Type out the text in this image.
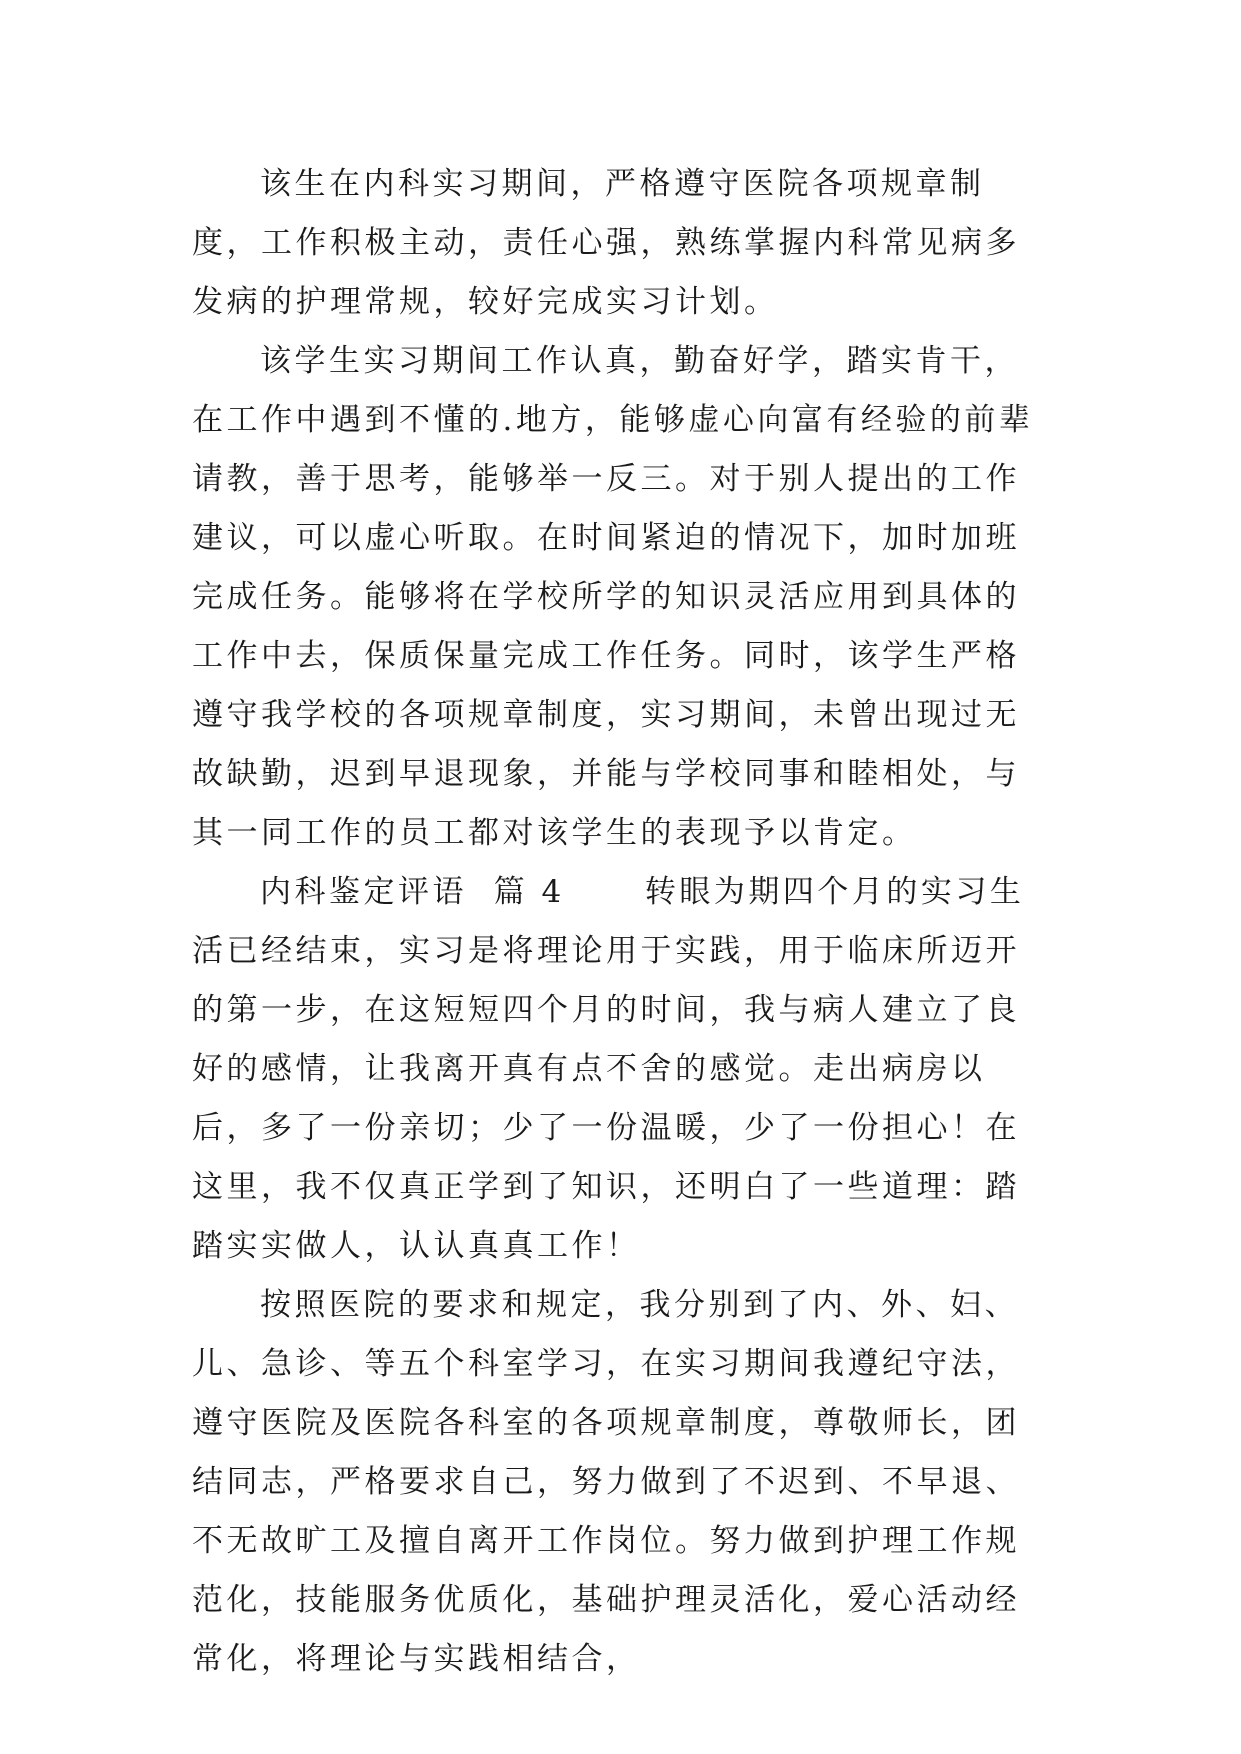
该生在内科实习期间，严格遵守医院各项规章制度，工作积极主动，责任心强，熟练掌握内科常见病多发病的护理常规，较好完成实习计划。

该学生实习期间工作认真，勤奋好学，踏实肯干，在工作中遇到不懂的.地方，能够虚心向富有经验的前辈请教，善于思考，能够举一反三。对于别人提出的工作建议，可以虚心听取。在时间紧迫的情况下，加时加班完成任务。能够将在学校所学的知识灵活应用到具体的工作中去，保质保量完成工作任务。同时，该学生严格遵守我学校的各项规章制度，实习期间，未曾出现过无故缺勤，迟到早退现象，并能与学校同事和睦相处，与其一同工作的员工都对该学生的表现予以肯定。

内科鉴定评语  篇 4      转眼为期四个月的实习生活已经结束，实习是将理论用于实践，用于临床所迈开的第一步，在这短短四个月的时间，我与病人建立了良好的感情，让我离开真有点不舍的感觉。走出病房以后，多了一份亲切；少了一份温暖，少了一份担心！在这里，我不仅真正学到了知识，还明白了一些道理：踏踏实实做人，认认真真工作！

按照医院的要求和规定，我分别到了内、外、妇、儿、急诊、等五个科室学习，在实习期间我遵纪守法，遵守医院及医院各科室的各项规章制度，尊敬师长，团结同志，严格要求自己，努力做到了不迟到、不早退、不无故旷工及擅自离开工作岗位。努力做到护理工作规范化，技能服务优质化，基础护理灵活化，爱心活动经常化，将理论与实践相结合，
